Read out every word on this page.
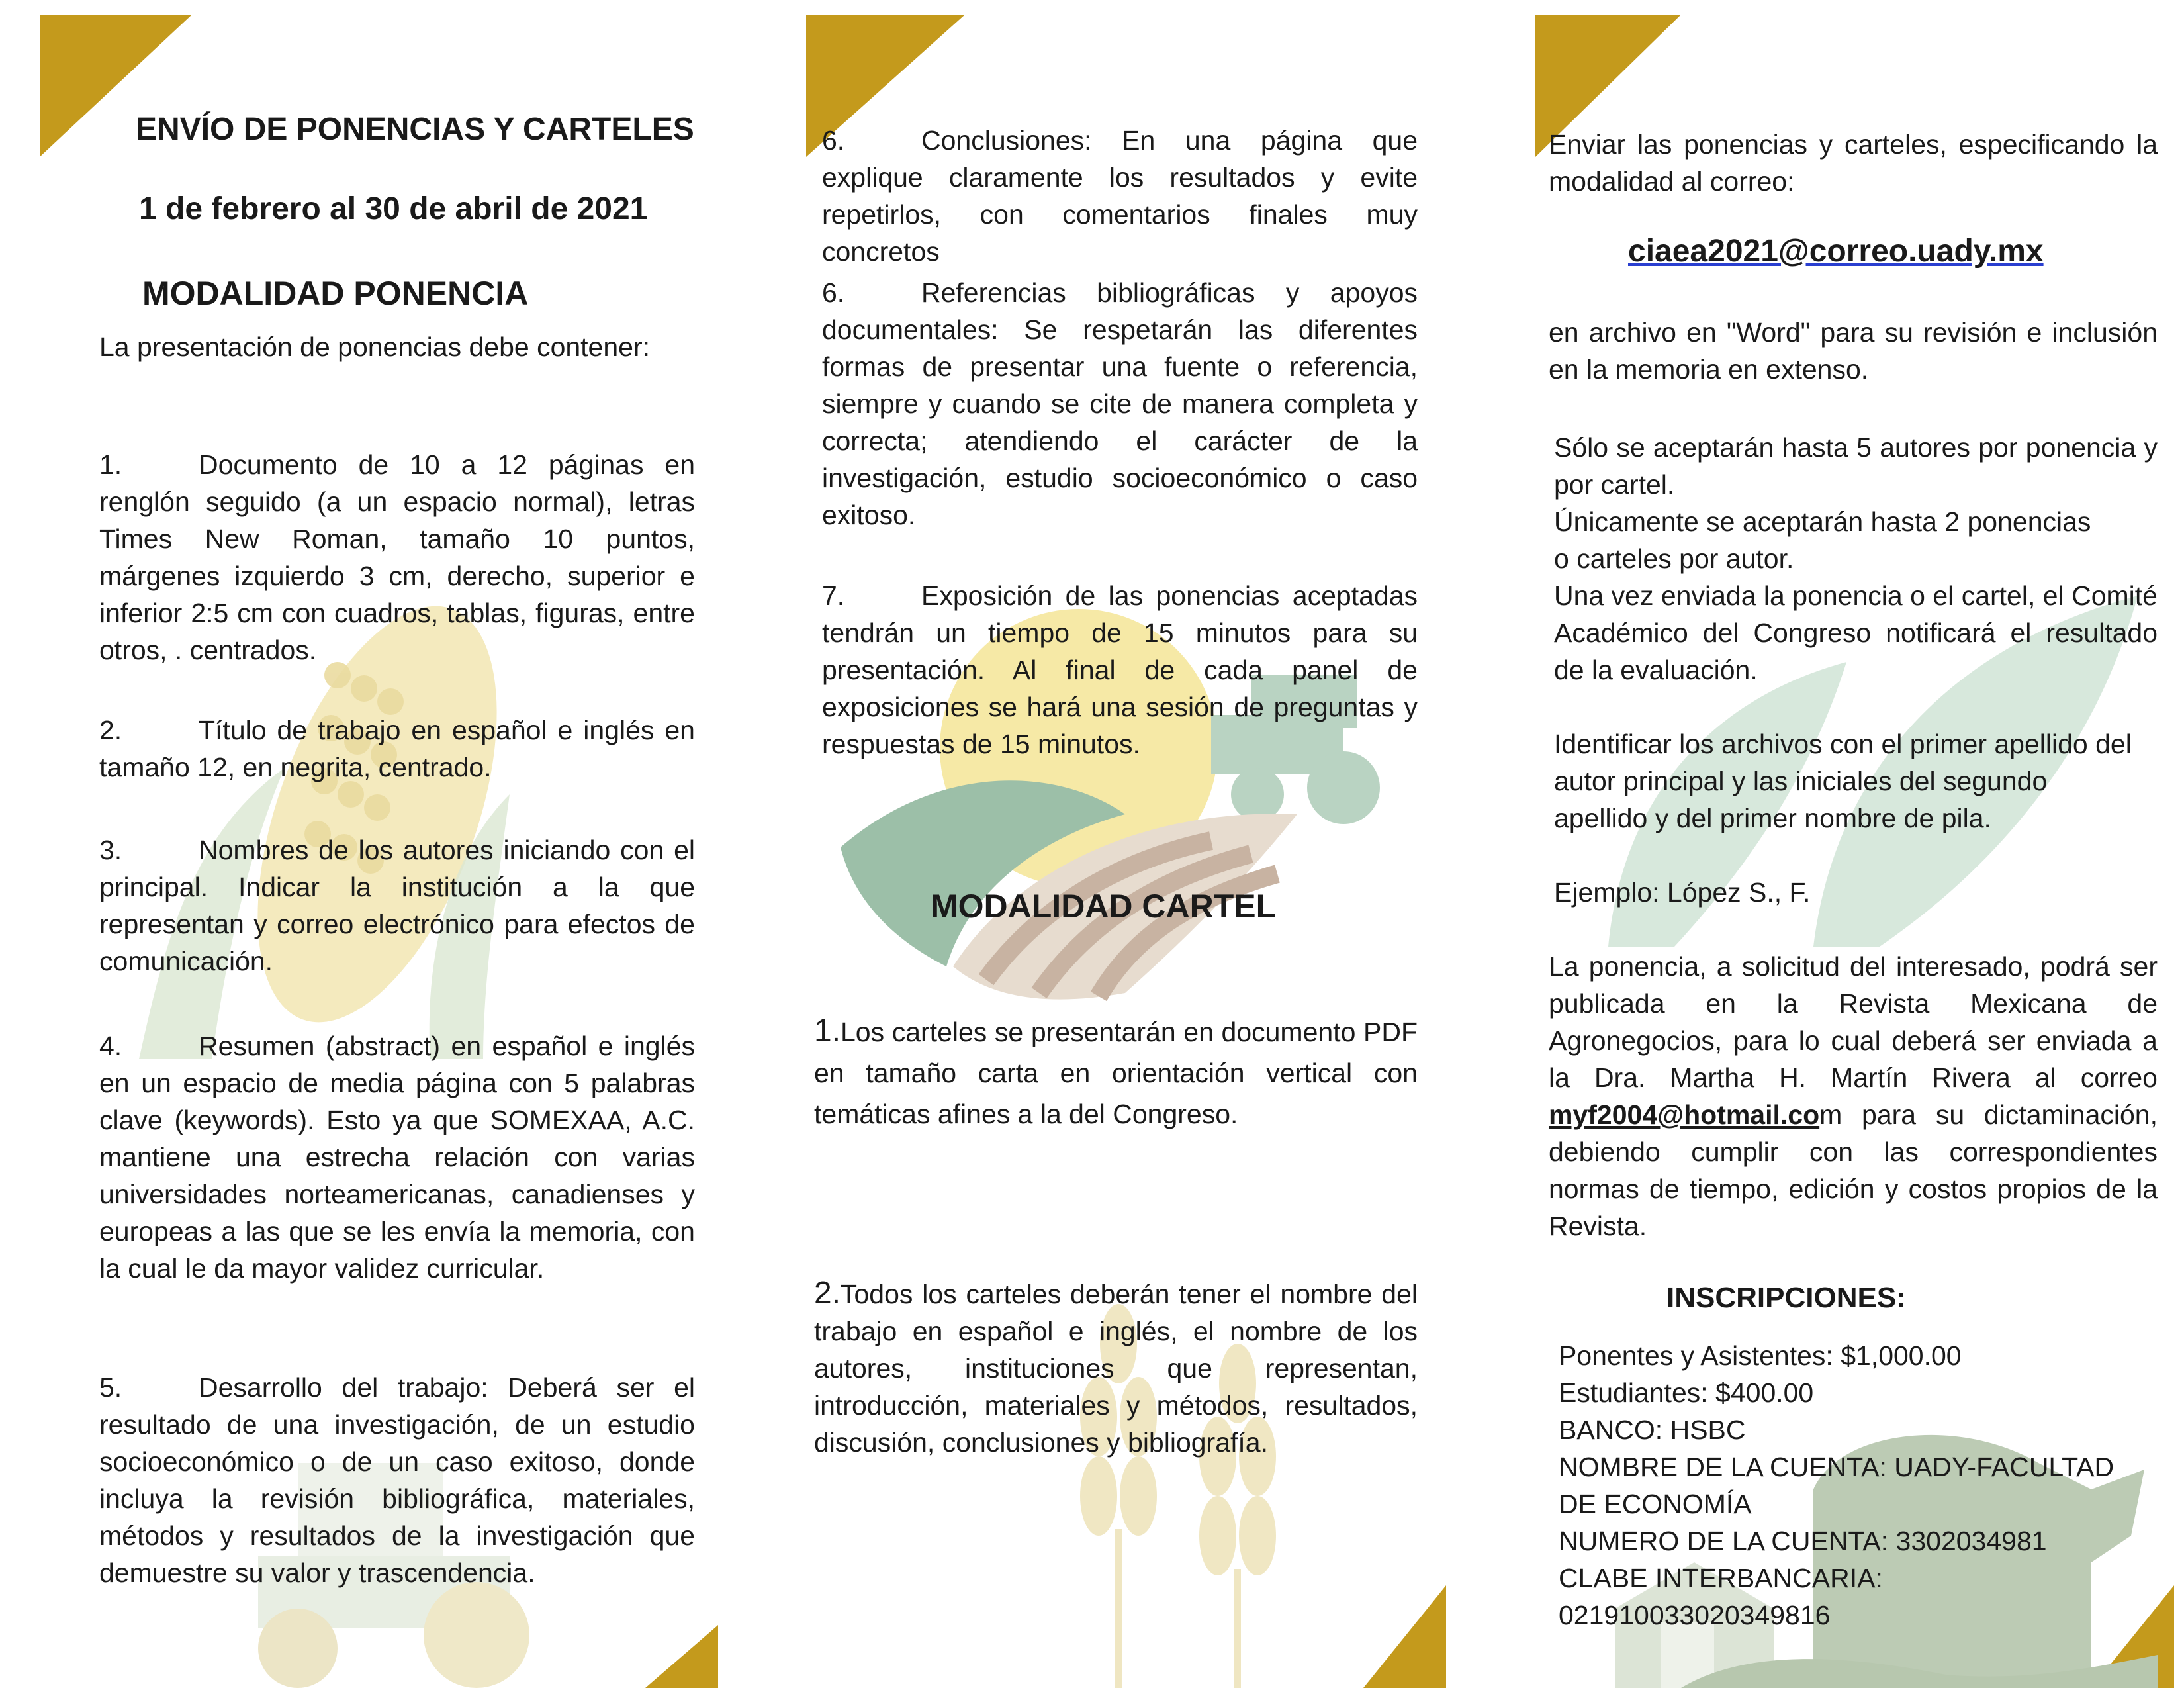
ENVÍO DE PONENCIAS Y CARTELES
1 de febrero al 30 de abril de 2021
MODALIDAD PONENCIA
La presentación de ponencias debe contener:
1.	Documento de 10 a 12 páginas en renglón seguido (a un espacio normal), letras Times New Roman, tamaño 10 puntos, márgenes izquierdo 3 cm, derecho, superior e inferior 2:5 cm con cuadros, tablas, figuras, entre otros, . centrados.
2.	Título de trabajo en español e inglés en tamaño 12, en negrita, centrado.
3.	Nombres de los autores iniciando con el principal. Indicar la institución a la que representan y correo electrónico para efectos de comunicación.
4.	Resumen (abstract) en español e inglés en un espacio de media página con 5 palabras clave (keywords). Esto ya que SOMEXAA, A.C. mantiene una estrecha relación con varias universidades norteamericanas, canadienses y europeas a las que se les envía la memoria, con la cual le da mayor validez curricular.
5.	Desarrollo del trabajo: Deberá ser el resultado de una investigación, de un estudio socioeconómico o de un caso exitoso, donde incluya la revisión bibliográfica, materiales, métodos y resultados de la investigación que demuestre su valor y trascendencia.
6.	Conclusiones: En una página que explique claramente los resultados y evite repetirlos, con comentarios finales muy concretos
6.	Referencias bibliográficas y apoyos documentales: Se respetarán las diferentes formas de presentar una fuente o referencia, siempre y cuando se cite de manera completa y correcta; atendiendo el carácter de la investigación, estudio socioeconómico o caso exitoso.
7.	Exposición de las ponencias aceptadas tendrán un tiempo de 15 minutos para su presentación. Al final de cada panel de exposiciones se hará una sesión de preguntas y respuestas de 15 minutos.
MODALIDAD CARTEL
1.Los carteles se presentarán en documento PDF en tamaño carta en orientación vertical con temáticas afines a la del Congreso.
2.Todos los carteles deberán tener el nombre del trabajo en español e inglés, el nombre de los autores, instituciones que representan, introducción, materiales y métodos, resultados, discusión, conclusiones y bibliografía.
Enviar las ponencias y carteles, especificando la modalidad al correo:
ciaea2021@correo.uady.mx
en archivo en "Word" para su revisión e inclusión en la memoria en extenso.
Sólo se aceptarán hasta 5 autores por ponencia y por cartel.
Únicamente se aceptarán hasta 2 ponencias o carteles por autor.
Una vez enviada la ponencia o el cartel, el Comité Académico del Congreso notificará el resultado de la evaluación.
Identificar los archivos con el primer apellido del autor principal y las iniciales del segundo apellido y del primer nombre de pila.
Ejemplo: López S., F.
La ponencia, a solicitud del interesado, podrá ser publicada en la Revista Mexicana de Agronegocios, para lo cual deberá ser enviada a la Dra. Martha H. Martín Rivera al correo myf2004@hotmail.com para su dictaminación, debiendo cumplir con las correspondientes normas de tiempo, edición y costos propios de la Revista.
INSCRIPCIONES:

Ponentes y Asistentes: $1,000.00

Estudiantes: $400.00

BANCO: HSBC

NOMBRE DE LA CUENTA: UADY-FACULTAD DE ECONOMÍA

NUMERO DE LA CUENTA: 3302034981

CLABE INTERBANCARIA: 021910033020349816
